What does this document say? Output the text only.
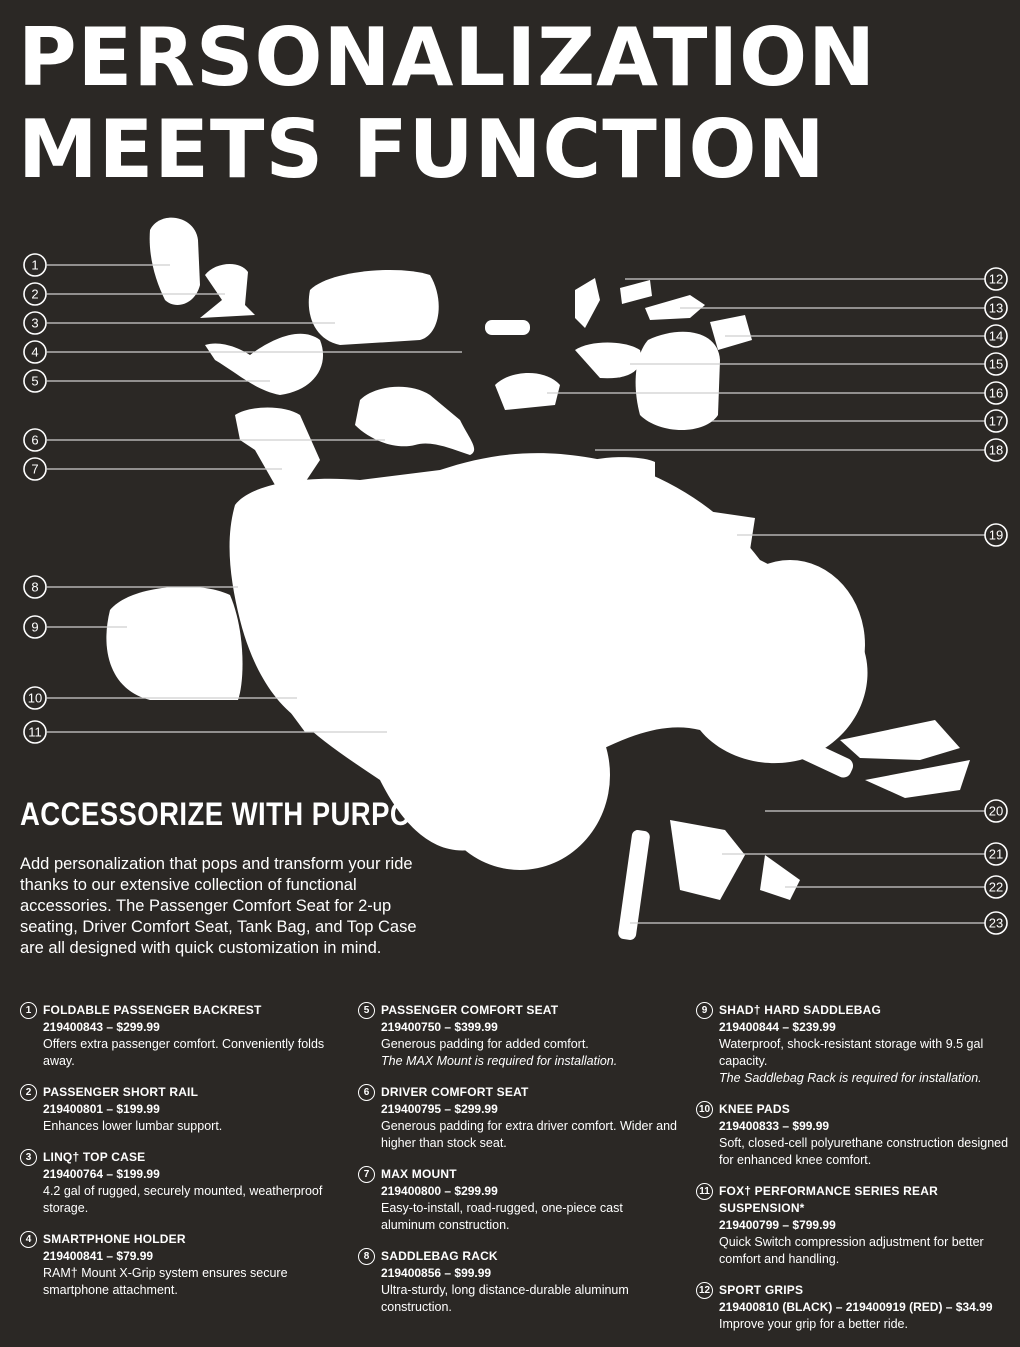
PERSONALIZATION
MEETS FUNCTION
1
2
3
4
5
6
7
8
9
10
11
12
13
14
15
16
17
18
19
20
21
22
23
ACCESSORIZE WITH PURPOSE

Add personalization that pops and transform your ride thanks to our extensive collection of functional accessories. The Passenger Comfort Seat for 2-up seating, Driver Comfort Seat, Tank Bag, and Top Case are all designed with quick customization in mind.

1 FOLDABLE PASSENGER BACKREST
219400843 – $299.99
Offers extra passenger comfort. Conveniently folds away.
2 PASSENGER SHORT RAIL
219400801 – $199.99
Enhances lower lumbar support.
3 LINQ† TOP CASE
219400764 – $199.99
4.2 gal of rugged, securely mounted, weatherproof storage.
4 SMARTPHONE HOLDER
219400841 – $79.99
RAM† Mount X-Grip system ensures secure smartphone attachment.
5 PASSENGER COMFORT SEAT
219400750 – $399.99
Generous padding for added comfort.
The MAX Mount is required for installation.
6 DRIVER COMFORT SEAT
219400795 – $299.99
Generous padding for extra driver comfort. Wider and higher than stock seat.
7 MAX MOUNT
219400800 – $299.99
Easy-to-install, road-rugged, one-piece cast aluminum construction.
8 SADDLEBAG RACK
219400856 – $99.99
Ultra-sturdy, long distance-durable aluminum construction.
9 SHAD† HARD SADDLEBAG
219400844 – $239.99
Waterproof, shock-resistant storage with 9.5 gal capacity.
The Saddlebag Rack is required for installation.
10 KNEE PADS
219400833 – $99.99
Soft, closed-cell polyurethane construction designed for enhanced knee comfort.
11 FOX† PERFORMANCE SERIES REAR SUSPENSION*
219400799 – $799.99
Quick Switch compression adjustment for better comfort and handling.
12 SPORT GRIPS
219400810 (BLACK) – 219400919 (RED) – $34.99
Improve your grip for a better ride.
